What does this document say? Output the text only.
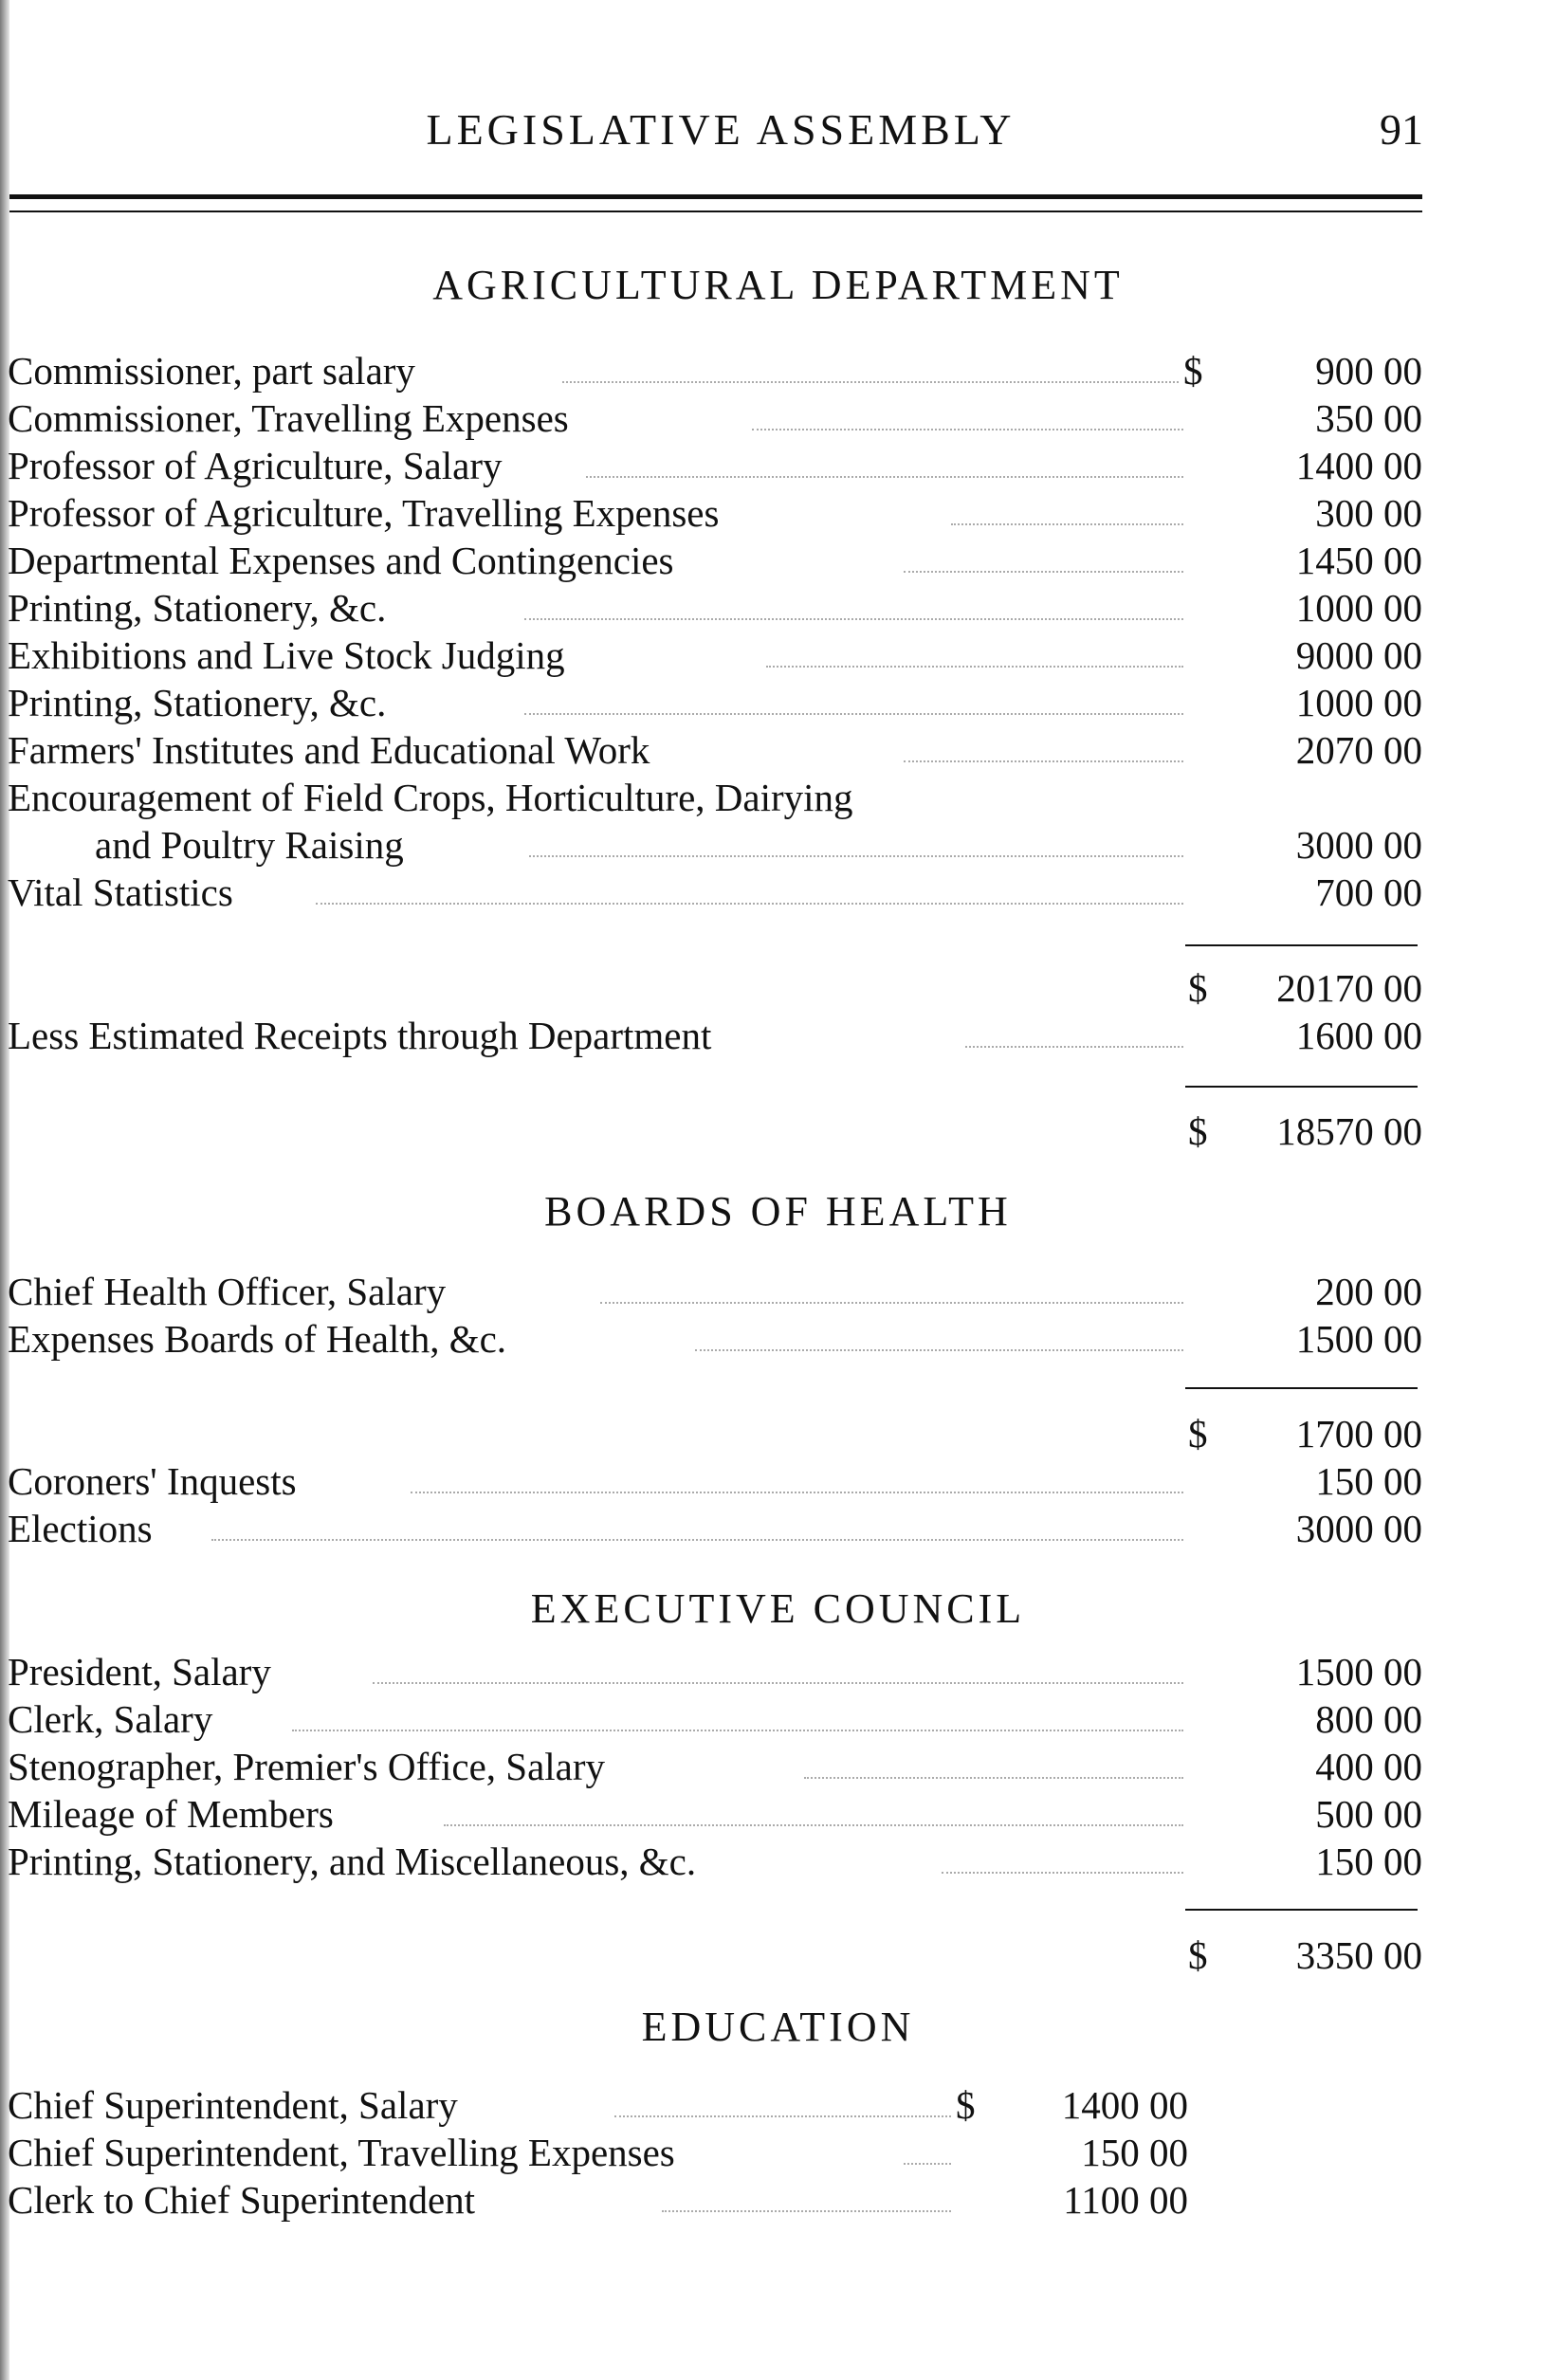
LEGISLATIVE ASSEMBLY	91
AGRICULTURAL DEPARTMENT
Commissioner, part salary	$	900 00
Commissioner, Travelling Expenses	350 00
Professor of Agriculture, Salary	1400 00
Professor of Agriculture, Travelling Expenses	300 00
Departmental Expenses and Contingencies	1450 00
Printing, Stationery, &c.	1000 00
Exhibitions and Live Stock Judging	9000 00
Printing, Stationery, &c.	1000 00
Farmers' Institutes and Educational Work	2070 00
Encouragement of Field Crops, Horticulture, Dairying
and Poultry Raising	3000 00
Vital Statistics	700 00
$ 20170 00
Less Estimated Receipts through Department	1600 00
$ 18570 00
BOARDS OF HEALTH
Chief Health Officer, Salary	200 00
Expenses Boards of Health, &c.	1500 00
$ 1700 00
Coroners' Inquests	150 00
Elections	3000 00
EXECUTIVE COUNCIL
President, Salary	1500 00
Clerk, Salary	800 00
Stenographer, Premier's Office, Salary	400 00
Mileage of Members	500 00
Printing, Stationery, and Miscellaneous, &c.	150 00
$ 3350 00
EDUCATION
Chief Superintendent, Salary	$ 1400 00
Chief Superintendent, Travelling Expenses	150 00
Clerk to Chief Superintendent	1100 00
